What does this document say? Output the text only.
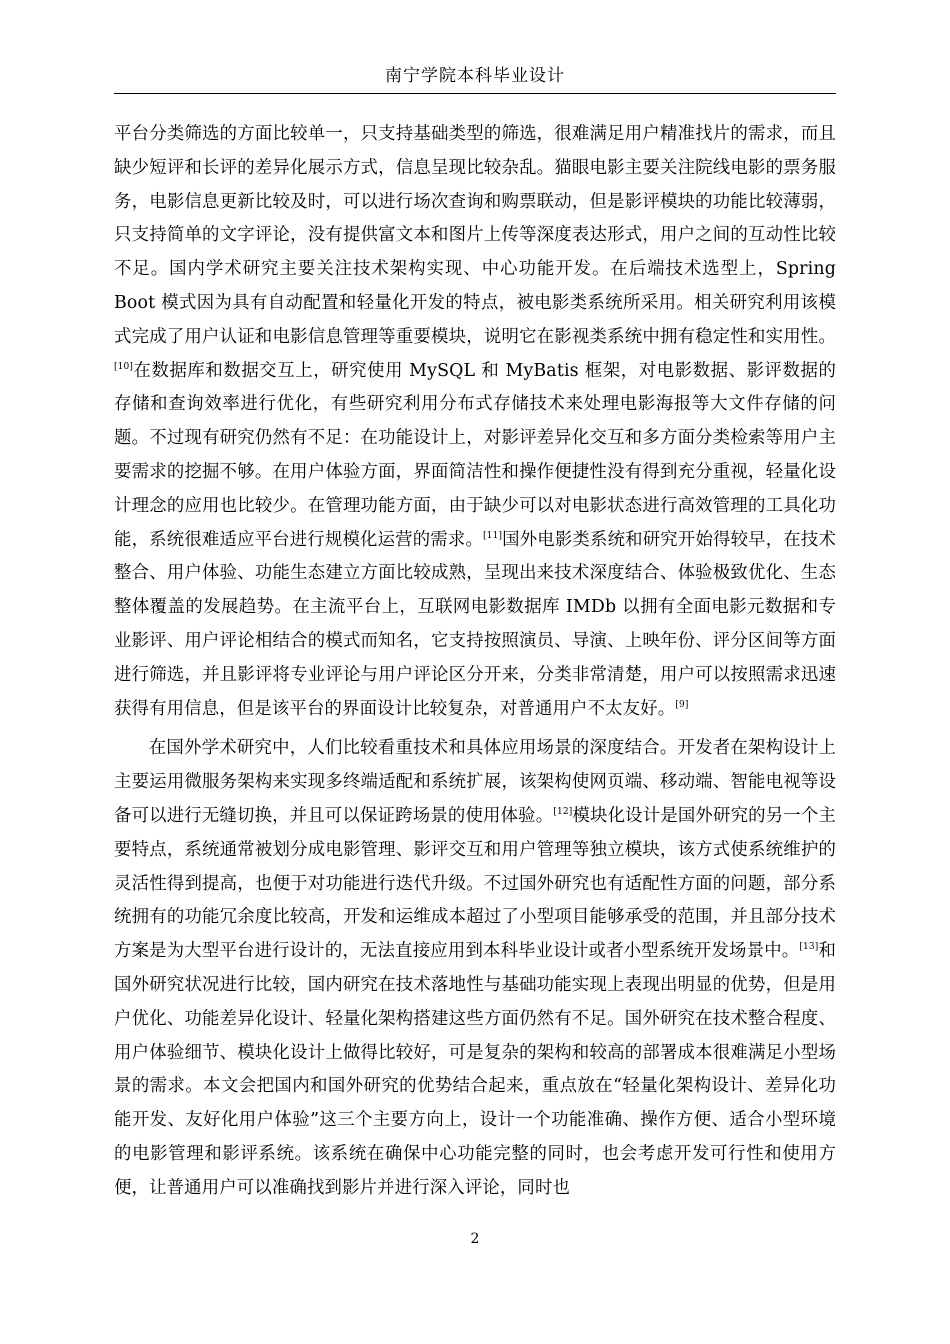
南宁学院本科毕业设计

平台分类筛选的方面比较单一，只支持基础类型的筛选，很难满足用户精准找片的需求，而且缺少短评和长评的差异化展示方式，信息呈现比较杂乱。猫眼电影主要关注院线电影的票务服务，电影信息更新比较及时，可以进行场次查询和购票联动，但是影评模块的功能比较薄弱，只支持简单的文字评论，没有提供富文本和图片上传等深度表达形式，用户之间的互动性比较不足。国内学术研究主要关注技术架构实现、中心功能开发。在后端技术选型上，Spring Boot 模式因为具有自动配置和轻量化开发的特点，被电影类系统所采用。相关研究利用该模式完成了用户认证和电影信息管理等重要模块，说明它在影视类系统中拥有稳定性和实用性。[10]在数据库和数据交互上，研究使用 MySQL 和 MyBatis 框架，对电影数据、影评数据的存储和查询效率进行优化，有些研究利用分布式存储技术来处理电影海报等大文件存储的问题。不过现有研究仍然有不足：在功能设计上，对影评差异化交互和多方面分类检索等用户主要需求的挖掘不够。在用户体验方面，界面简洁性和操作便捷性没有得到充分重视，轻量化设计理念的应用也比较少。在管理功能方面，由于缺少可以对电影状态进行高效管理的工具化功能，系统很难适应平台进行规模化运营的需求。[11]国外电影类系统和研究开始得较早，在技术整合、用户体验、功能生态建立方面比较成熟，呈现出来技术深度结合、体验极致优化、生态整体覆盖的发展趋势。在主流平台上，互联网电影数据库 IMDb 以拥有全面电影元数据和专业影评、用户评论相结合的模式而知名，它支持按照演员、导演、上映年份、评分区间等方面进行筛选，并且影评将专业评论与用户评论区分开来，分类非常清楚，用户可以按照需求迅速获得有用信息，但是该平台的界面设计比较复杂，对普通用户不太友好。[9]

在国外学术研究中，人们比较看重技术和具体应用场景的深度结合。开发者在架构设计上主要运用微服务架构来实现多终端适配和系统扩展，该架构使网页端、移动端、智能电视等设备可以进行无缝切换，并且可以保证跨场景的使用体验。[12]模块化设计是国外研究的另一个主要特点，系统通常被划分成电影管理、影评交互和用户管理等独立模块，该方式使系统维护的灵活性得到提高，也便于对功能进行迭代升级。不过国外研究也有适配性方面的问题，部分系统拥有的功能冗余度比较高，开发和运维成本超过了小型项目能够承受的范围，并且部分技术方案是为大型平台进行设计的，无法直接应用到本科毕业设计或者小型系统开发场景中。[13]和国外研究状况进行比较，国内研究在技术落地性与基础功能实现上表现出明显的优势，但是用户优化、功能差异化设计、轻量化架构搭建这些方面仍然有不足。国外研究在技术整合程度、用户体验细节、模块化设计上做得比较好，可是复杂的架构和较高的部署成本很难满足小型场景的需求。本文会把国内和国外研究的优势结合起来，重点放在“轻量化架构设计、差异化功能开发、友好化用户体验”这三个主要方向上，设计一个功能准确、操作方便、适合小型环境的电影管理和影评系统。该系统在确保中心功能完整的同时，也会考虑开发可行性和使用方便，让普通用户可以准确找到影片并进行深入评论，同时也

2
